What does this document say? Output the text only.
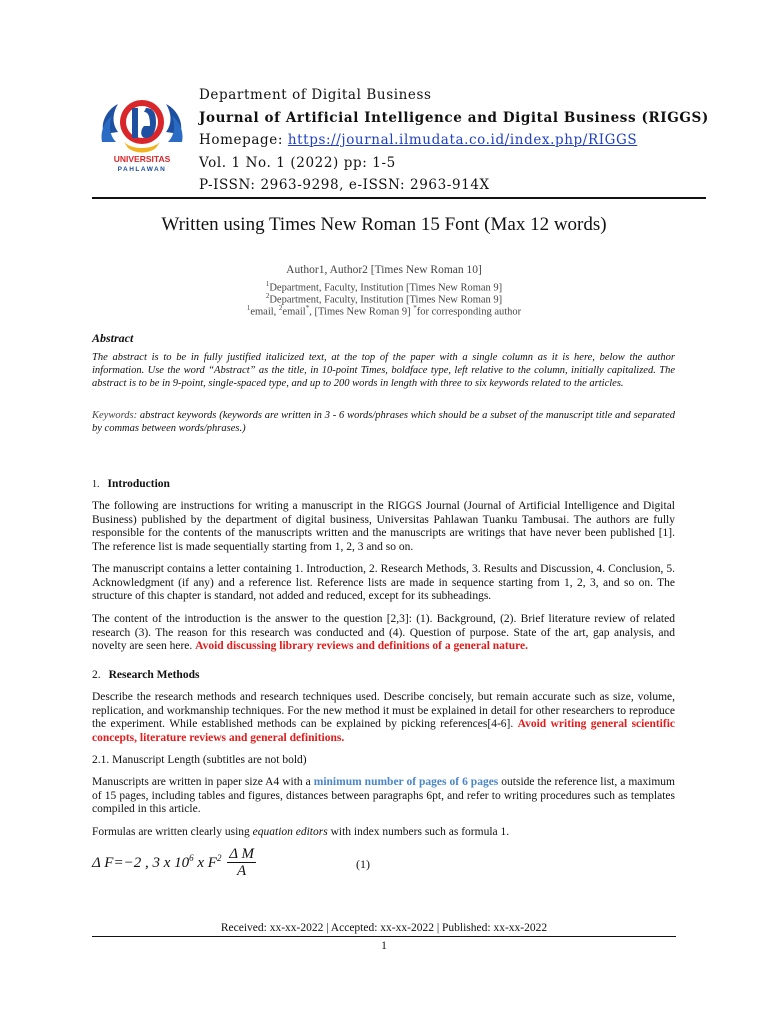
UNIVERSITAS
PAHLAWAN
Department of Digital Business
Journal of Artificial Intelligence and Digital Business (RIGGS)
Homepage: https://journal.ilmudata.co.id/index.php/RIGGS
Vol. 1 No. 1 (2022) pp: 1-5
P-ISSN: 2963-9298, e-ISSN: 2963-914X
Written using Times New Roman 15 Font (Max 12 words)
Author1, Author2 [Times New Roman 10]
$^1$Department, Faculty, Institution [Times New Roman 9]
$^2$Department, Faculty, Institution [Times New Roman 9]
$^1$email, $^2$email*, [Times New Roman 9] *for corresponding author
Abstract
The abstract is to be in fully justified italicized text, at the top of the paper with a single column as it is here, below the author information. Use the word “Abstract” as the title, in 10-point Times, boldface type, left relative to the column, initially capitalized. The abstract is to be in 9-point, single-spaced type, and up to 200 words in length with three to six keywords related to the articles.
Keywords: abstract keywords (keywords are written in 3 - 6 words/phrases which should be a subset of the manuscript title and separated by commas between words/phrases.)
1. Introduction
The following are instructions for writing a manuscript in the RIGGS Journal (Journal of Artificial Intelligence and Digital Business) published by the department of digital business, Universitas Pahlawan Tuanku Tambusai. The authors are fully responsible for the contents of the manuscripts written and the manuscripts are writings that have never been published [1]. The reference list is made sequentially starting from 1, 2, 3 and so on.
The manuscript contains a letter containing 1. Introduction, 2. Research Methods, 3. Results and Discussion, 4. Conclusion, 5. Acknowledgment (if any) and a reference list. Reference lists are made in sequence starting from 1, 2, 3, and so on. The structure of this chapter is standard, not added and reduced, except for its subheadings.
The content of the introduction is the answer to the question [2,3]: (1). Background, (2). Brief literature review of related research (3). The reason for this research was conducted and (4). Question of purpose. State of the art, gap analysis, and novelty are seen here. Avoid discussing library reviews and definitions of a general nature.
2. Research Methods
Describe the research methods and research techniques used. Describe concisely, but remain accurate such as size, volume, replication, and workmanship techniques. For the new method it must be explained in detail for other researchers to reproduce the experiment. While established methods can be explained by picking references[4-6]. Avoid writing general scientific concepts, literature reviews and general definitions.
2.1. Manuscript Length (subtitles are not bold)
Manuscripts are written in paper size A4 with a minimum number of pages of 6 pages outside the reference list, a maximum of 15 pages, including tables and figures, distances between paragraphs 6pt, and refer to writing procedures such as templates compiled in this article.
Formulas are written clearly using equation editors with index numbers such as formula 1.
Δ F=−2 , 3 x $10^6$ x $F^2 \frac{\text{Δ M}}{A}$	(1)
Received: xx-xx-2022 | Accepted: xx-xx-2022 | Published: xx-xx-2022
1
